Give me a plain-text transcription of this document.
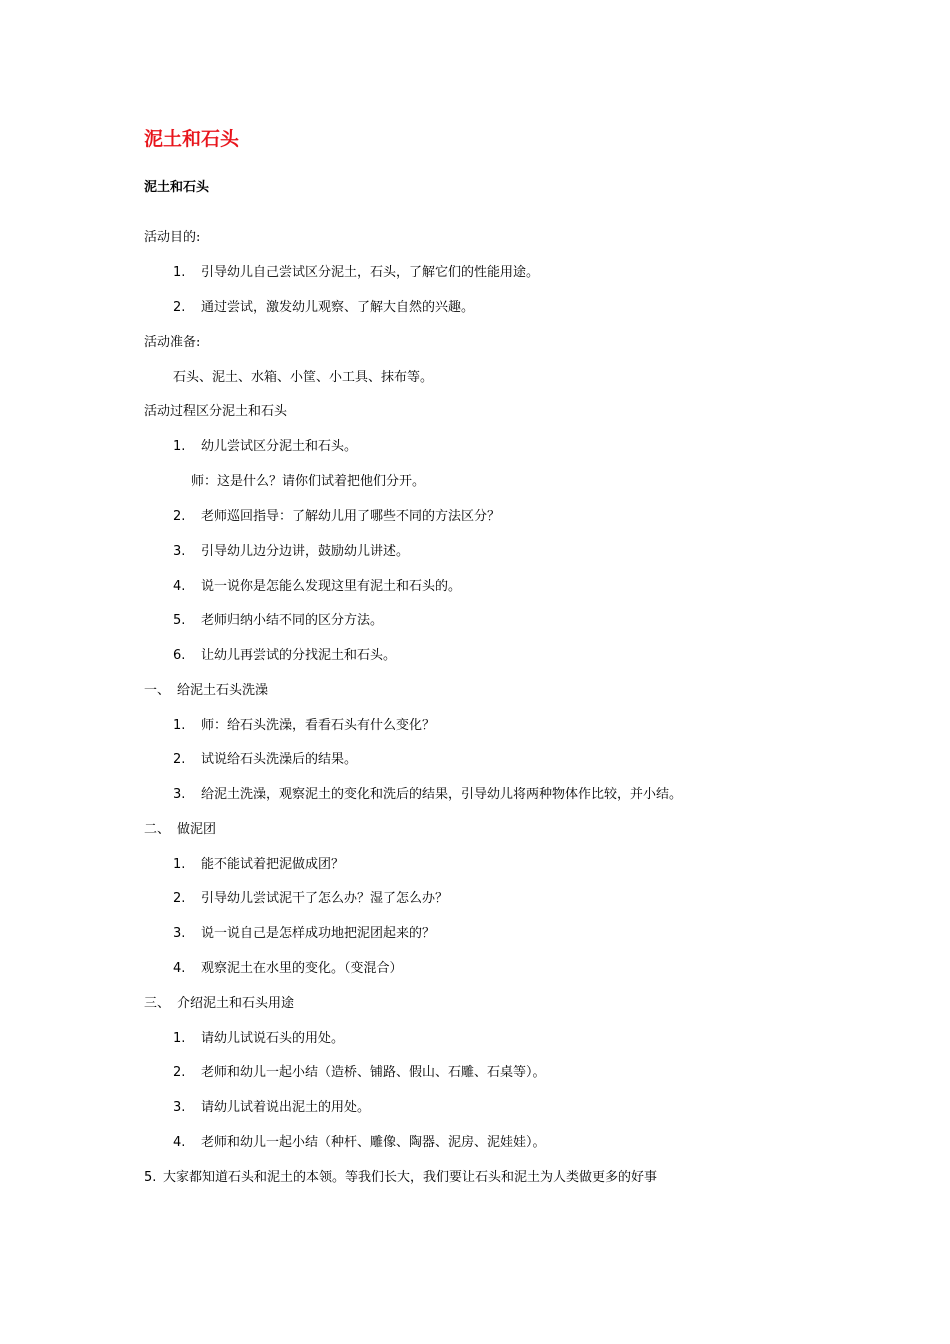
泥土和石头
泥土和石头
活动目的:
1. 引导幼儿自己尝试区分泥土，石头，了解它们的性能用途。
2. 通过尝试，激发幼儿观察、了解大自然的兴趣。
活动准备:
石头、泥土、水箱、小筐、小工具、抹布等。
活动过程区分泥土和石头
1. 幼儿尝试区分泥土和石头。
师：这是什么？请你们试着把他们分开。
2. 老师巡回指导：了解幼儿用了哪些不同的方法区分？
3. 引导幼儿边分边讲，鼓励幼儿讲述。
4. 说一说你是怎能么发现这里有泥土和石头的。
5. 老师归纳小结不同的区分方法。
6. 让幼儿再尝试的分找泥土和石头。
一、 给泥土石头洗澡
1. 师：给石头洗澡，看看石头有什么变化？
2. 试说给石头洗澡后的结果。
3. 给泥土洗澡，观察泥土的变化和洗后的结果，引导幼儿将两种物体作比较，并小结。
二、 做泥团
1. 能不能试着把泥做成团？
2. 引导幼儿尝试泥干了怎么办？湿了怎么办？
3. 说一说自己是怎样成功地把泥团起来的？
4. 观察泥土在水里的变化。（变混合）
三、 介绍泥土和石头用途
1. 请幼儿试说石头的用处。
2. 老师和幼儿一起小结（造桥、铺路、假山、石雕、石桌等）。
3. 请幼儿试着说出泥土的用处。
4. 老师和幼儿一起小结（种杆、雕像、陶器、泥房、泥娃娃）。
5. 大家都知道石头和泥土的本领。等我们长大，我们要让石头和泥土为人类做更多的好事
